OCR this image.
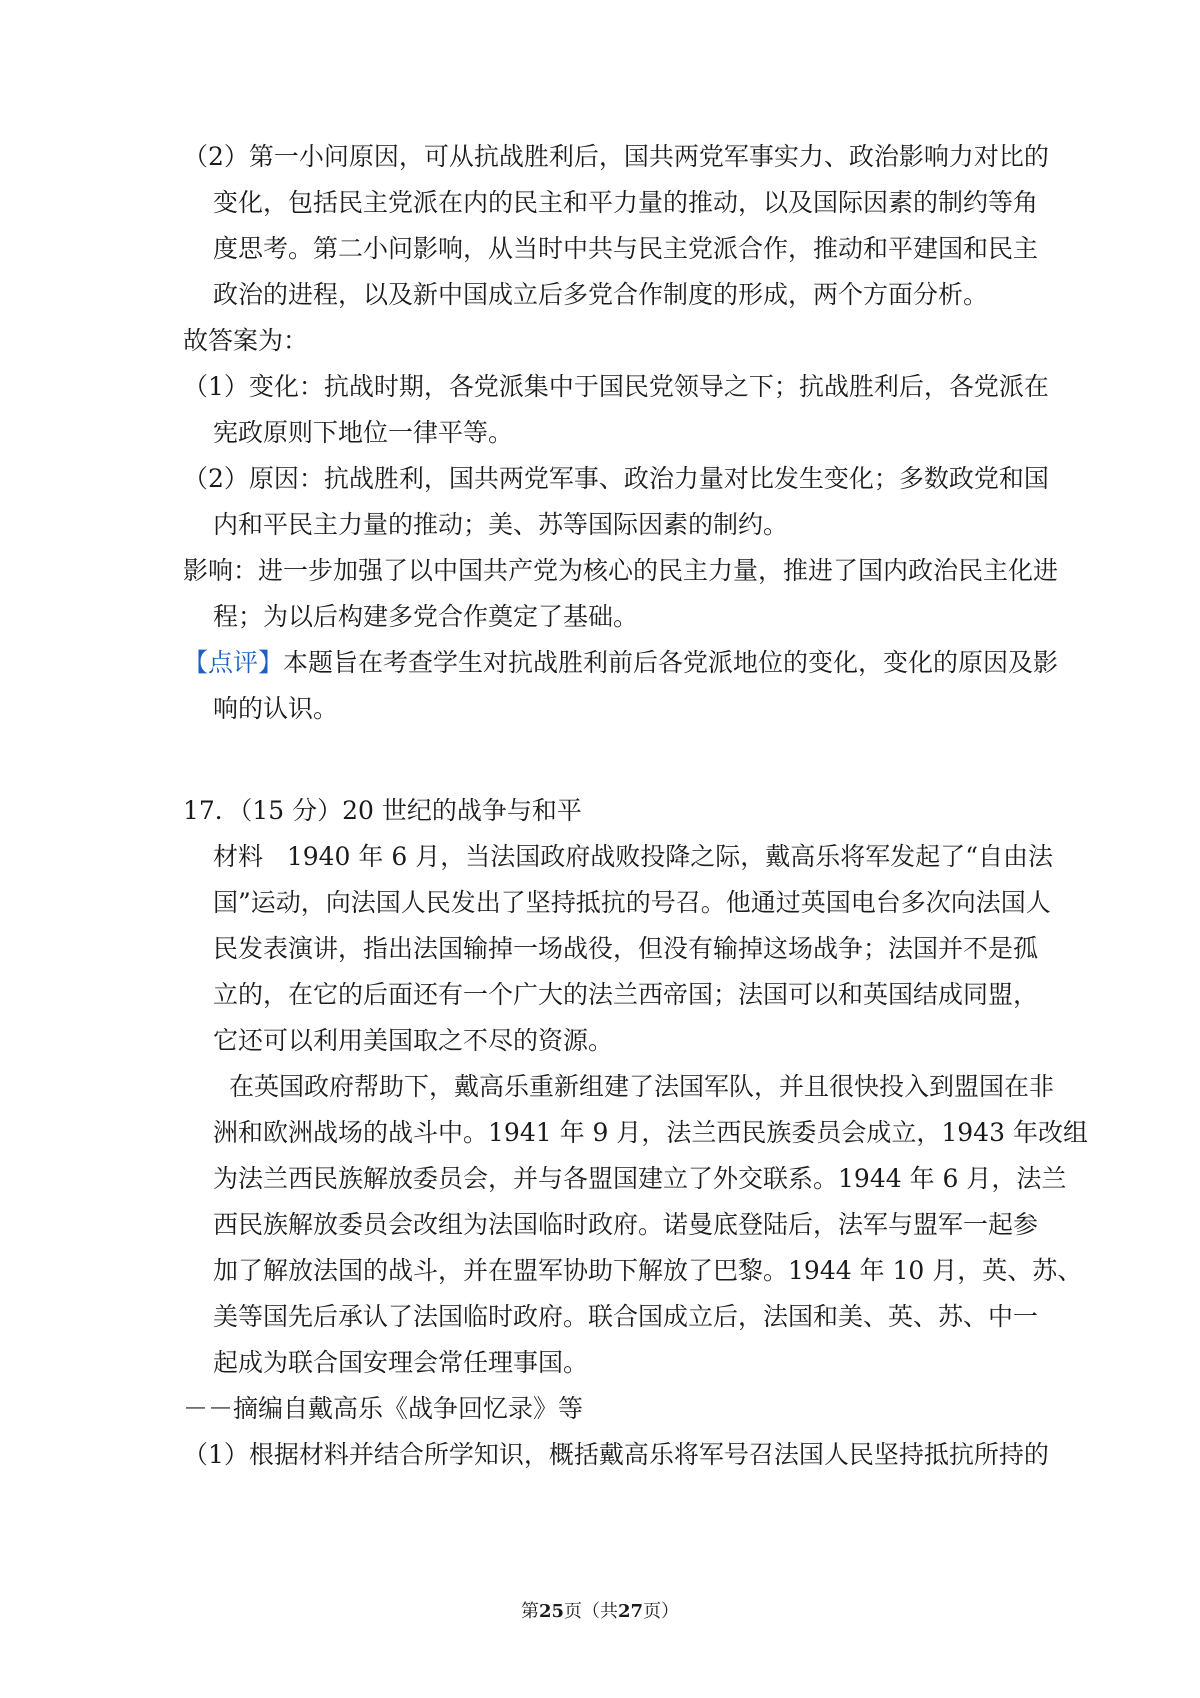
（2）第一小问原因，可从抗战胜利后，国共两党军事实力、政治影响力对比的
变化，包括民主党派在内的民主和平力量的推动，以及国际因素的制约等角
度思考。第二小问影响，从当时中共与民主党派合作，推动和平建国和民主
政治的进程，以及新中国成立后多党合作制度的形成，两个方面分析。
故答案为：
（1）变化：抗战时期，各党派集中于国民党领导之下；抗战胜利后，各党派在
宪政原则下地位一律平等。
（2）原因：抗战胜利，国共两党军事、政治力量对比发生变化；多数政党和国
内和平民主力量的推动；美、苏等国际因素的制约。
影响：进一步加强了以中国共产党为核心的民主力量，推进了国内政治民主化进
程；为以后构建多党合作奠定了基础。
【点评】本题旨在考查学生对抗战胜利前后各党派地位的变化，变化的原因及影
响的认识。
17．（15 分）20 世纪的战争与和平
材料   1940 年 6 月，当法国政府战败投降之际，戴高乐将军发起了“自由法
国”运动，向法国人民发出了坚持抵抗的号召。他通过英国电台多次向法国人
民发表演讲，指出法国输掉一场战役，但没有输掉这场战争；法国并不是孤
立的，在它的后面还有一个广大的法兰西帝国；法国可以和英国结成同盟，
它还可以利用美国取之不尽的资源。
在英国政府帮助下，戴高乐重新组建了法国军队，并且很快投入到盟国在非
洲和欧洲战场的战斗中。1941 年 9 月，法兰西民族委员会成立，1943 年改组
为法兰西民族解放委员会，并与各盟国建立了外交联系。1944 年 6 月，法兰
西民族解放委员会改组为法国临时政府。诺曼底登陆后，法军与盟军一起参
加了解放法国的战斗，并在盟军协助下解放了巴黎。1944 年 10 月，英、苏、
美等国先后承认了法国临时政府。联合国成立后，法国和美、英、苏、中一
起成为联合国安理会常任理事国。
－－摘编自戴高乐《战争回忆录》等
（1）根据材料并结合所学知识，概括戴高乐将军号召法国人民坚持抵抗所持的
第25页（共27页）
